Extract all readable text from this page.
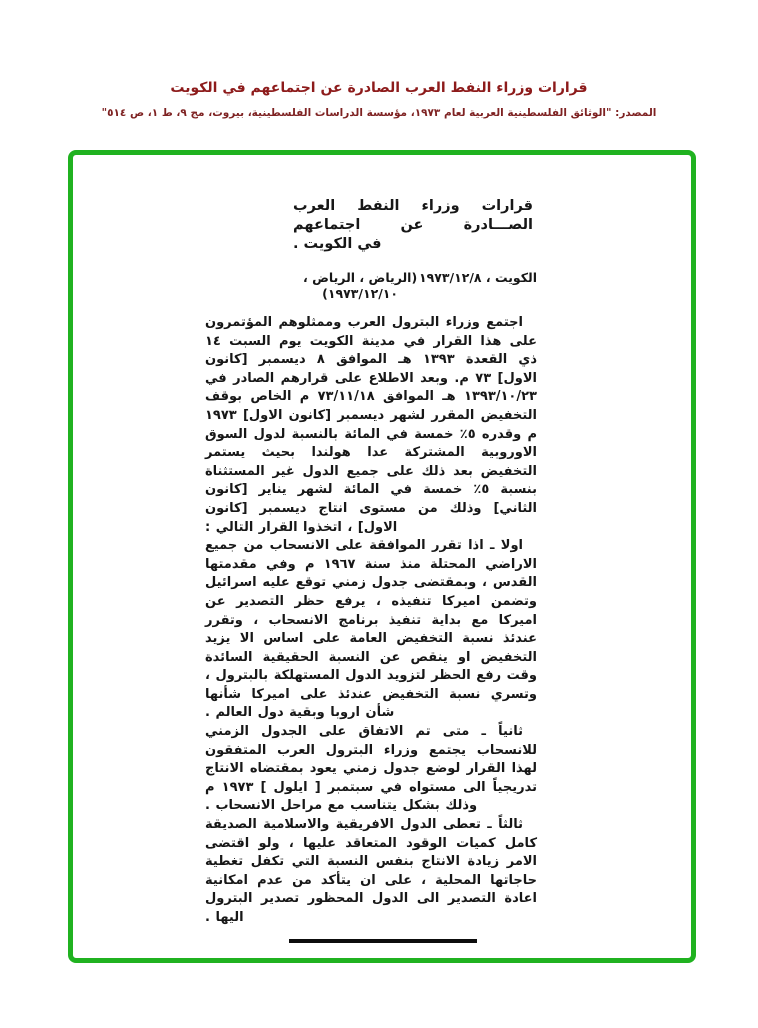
قرارات وزراء النفط العرب الصادرة عن اجتماعهم في الكويت
المصدر: "الوثائق الفلسطينية العربية لعام ١٩٧٣، مؤسسة الدراسات الفلسطينية، بيروت، مج ٩، ط ١، ص ٥١٤"
قرارات وزراء النفط العرب الصـــادرة عن اجتماعهم
في الكويت .
الكويت ، ١٩٧٣/١٢/٨
(الرياض ، الرياض ،
١٩٧٣/١٢/١٠)

اجتمع وزراء البترول العرب وممثلوهم المؤتمرون على هذا القرار في مدينة الكويت يوم السبت ١٤ ذي القعدة ١٣٩٣ هـ الموافق ٨ ديسمبر [كانون الاول] ٧٣ م. وبعد الاطلاع على قرارهم الصادر في ١٣٩٣/١٠/٢٣ هـ الموافق ٧٣/١١/١٨ م الخاص بوقف التخفيض المقرر لشهر ديسمبر [كانون الاول] ١٩٧٣ م وقدره ٥٪ خمسة في المائة بالنسبة لدول السوق الاوروبية المشتركة عدا هولندا بحيث يستمر التخفيض بعد ذلك على جميع الدول غير المستثناة بنسبة ٥٪ خمسة في المائة لشهر يناير [كانون الثاني] وذلك من مستوى انتاج ديسمبر [كانون الاول] ، اتخذوا القرار التالي :

اولا ـ اذا تقرر الموافقة على الانسحاب من جميع الاراضي المحتلة منذ سنة ١٩٦٧ م وفي مقدمتها القدس ، وبمقتضى جدول زمني توقع عليه اسرائيل وتضمن اميركا تنفيذه ، يرفع حظر التصدير عن اميركا مع بداية تنفيذ برنامج الانسحاب ، وتقرر عندئذ نسبة التخفيض العامة على اساس الا يزيد التخفيض او ينقص عن النسبة الحقيقية السائدة وقت رفع الحظر لتزويد الدول المستهلكة بالبترول ، وتسري نسبة التخفيض عندئذ على اميركا شأنها شأن اروبا وبقية دول العالم .

ثانياً ـ متى تم الاتفاق على الجدول الزمني للانسحاب يجتمع وزراء البترول العرب المتفقون لهذا القرار لوضع جدول زمني يعود بمقتضاه الانتاج تدريجياً الى مستواه في سبتمبر [ ايلول ] ١٩٧٣ م وذلك بشكل يتناسب مع مراحل الانسحاب .

ثالثاً ـ تعطى الدول الافريقية والاسلامية الصديقة كامل كميات الوقود المتعاقد عليها ، ولو اقتضى الامر زيادة الانتاج بنفس النسبة التي تكفل تغطية حاجاتها المحلية ، على ان يتأكد من عدم امكانية اعادة التصدير الى الدول المحظور تصدير البترول اليها .
